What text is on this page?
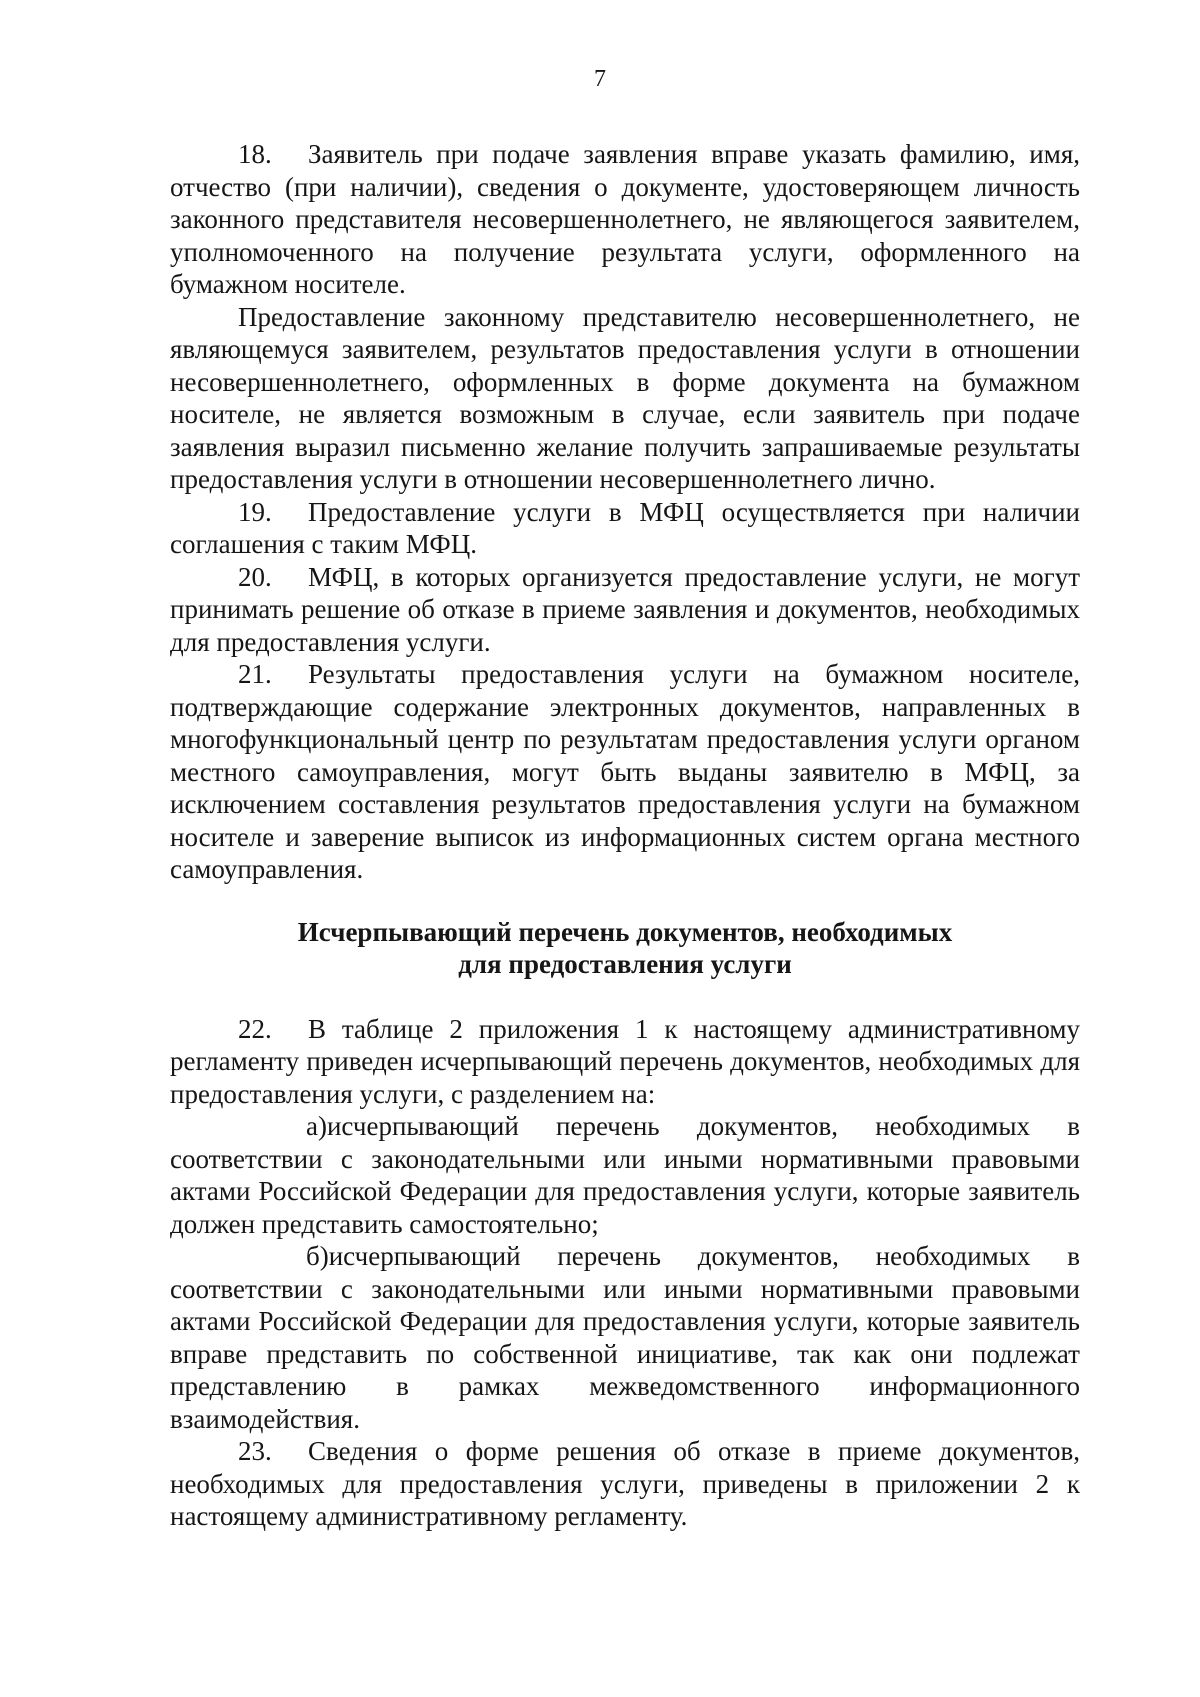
7

18. Заявитель при подаче заявления вправе указать фамилию, имя, отчество (при наличии), сведения о документе, удостоверяющем личность законного представителя несовершеннолетнего, не являющегося заявителем, уполномоченного на получение результата услуги, оформленного на бумажном носителе.

Предоставление законному представителю несовершеннолетнего, не являющемуся заявителем, результатов предоставления услуги в отношении несовершеннолетнего, оформленных в форме документа на бумажном носителе, не является возможным в случае, если заявитель при подаче заявления выразил письменно желание получить запрашиваемые результаты предоставления услуги в отношении несовершеннолетнего лично.

19. Предоставление услуги в МФЦ осуществляется при наличии соглашения с таким МФЦ.

20. МФЦ, в которых организуется предоставление услуги, не могут принимать решение об отказе в приеме заявления и документов, необходимых для предоставления услуги.

21. Результаты предоставления услуги на бумажном носителе, подтверждающие содержание электронных документов, направленных в многофункциональный центр по результатам предоставления услуги органом местного самоуправления, могут быть выданы заявителю в МФЦ, за исключением составления результатов предоставления услуги на бумажном носителе и заверение выписок из информационных систем органа местного самоуправления.

Исчерпывающий перечень документов, необходимых
для предоставления услуги

22. В таблице 2 приложения 1 к настоящему административному регламенту приведен исчерпывающий перечень документов, необходимых для предоставления услуги, с разделением на:

а)исчерпывающий перечень документов, необходимых в соответствии с законодательными или иными нормативными правовыми актами Российской Федерации для предоставления услуги, которые заявитель должен представить самостоятельно;

б)исчерпывающий перечень документов, необходимых в соответствии с законодательными или иными нормативными правовыми актами Российской Федерации для предоставления услуги, которые заявитель вправе представить по собственной инициативе, так как они подлежат представлению в рамках межведомственного информационного взаимодействия.

23. Сведения о форме решения об отказе в приеме документов, необходимых для предоставления услуги, приведены в приложении 2 к настоящему административному регламенту.
